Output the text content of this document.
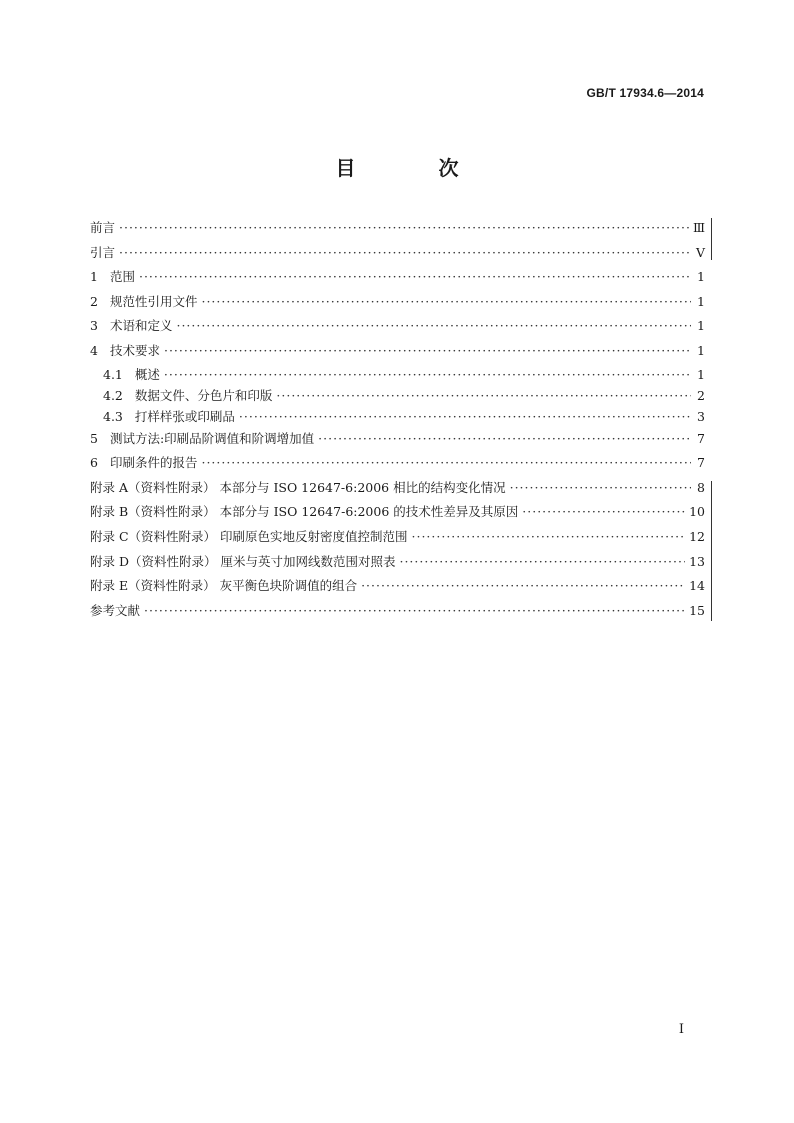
GB/T 17934.6—2014
目 次
前言 ·····	Ⅲ
引言 ·····	Ⅴ
1 范围 ·····	1
2 规范性引用文件 ·····	1
3 术语和定义 ·····	1
4 技术要求 ·····	1
4.1 概述 ·····	1
4.2 数据文件、分色片和印版 ·····	2
4.3 打样样张或印刷品 ·····	3
5 测试方法:印刷品阶调值和阶调增加值 ·····	7
6 印刷条件的报告 ·····	7
附录 A（资料性附录） 本部分与 ISO 12647-6:2006 相比的结构变化情况 ·····	8
附录 B（资料性附录） 本部分与 ISO 12647-6:2006 的技术性差异及其原因 ·····	10
附录 C（资料性附录） 印刷原色实地反射密度值控制范围 ·····	12
附录 D（资料性附录） 厘米与英寸加网线数范围对照表 ·····	13
附录 E（资料性附录） 灰平衡色块阶调值的组合 ·····	14
参考文献 ·····	15
I
